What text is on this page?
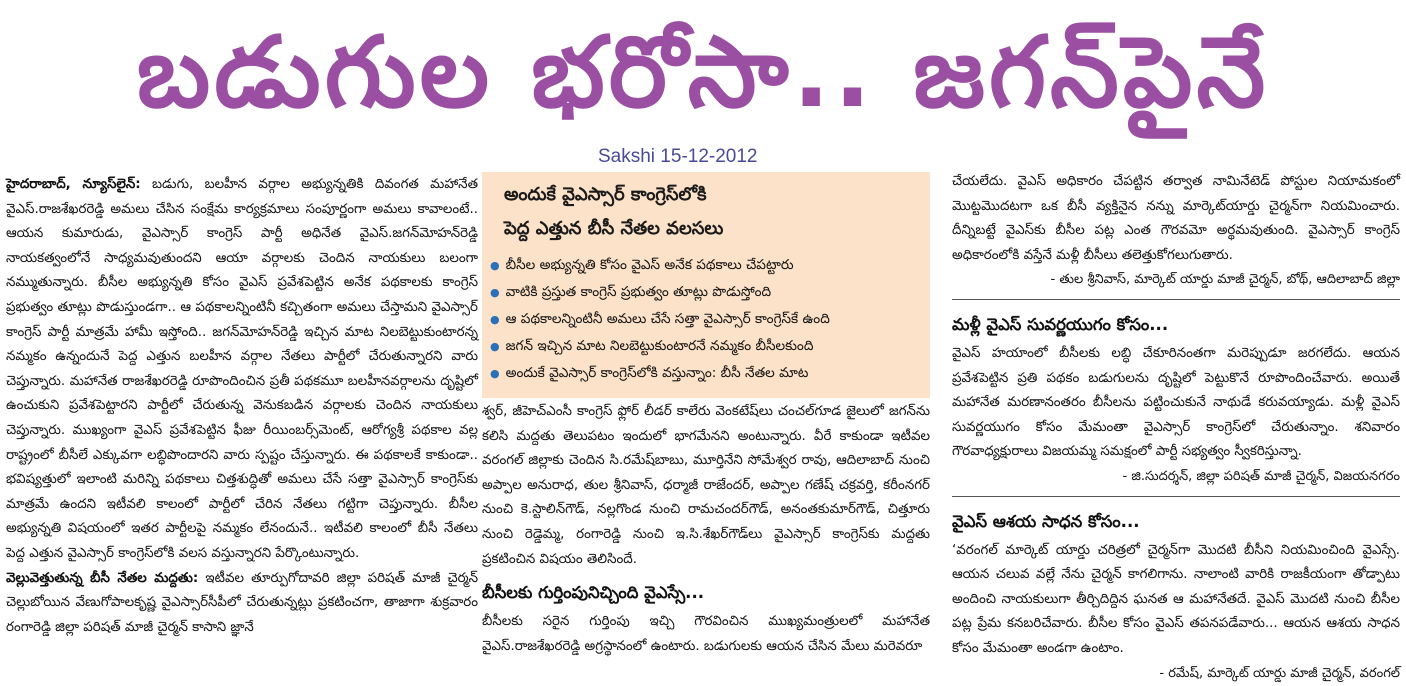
బడుగుల భరోసా.. జగన్‌పైనే
Sakshi 15-12-2012

హైదరాబాద్, న్యూస్‌లైన్: బడుగు, బలహీన వర్గాల అభ్యున్నతికి దివంగత మహానేత వైఎస్.రాజశేఖరరెడ్డి అమలు చేసిన సంక్షేమ కార్యక్రమాలు సంపూర్ణంగా అమలు కావాలంటే.. ఆయన కుమారుడు, వైఎస్సార్ కాంగ్రెస్ పార్టీ అధినేత వైఎస్.జగన్‌మోహన్‌రెడ్డి నాయకత్వంలోనే సాధ్యమవుతుందని ఆయా వర్గాలకు చెందిన నాయకులు బలంగా నమ్ముతున్నారు. బీసీల అభ్యున్నతి కోసం వైఎస్ ప్రవేశపెట్టిన అనేక పథకాలకు కాంగ్రెస్ ప్రభుత్వం తూట్లు పొడుస్తుండగా.. ఆ పథకాలన్నింటినీ కచ్చితంగా అమలు చేస్తామని వైఎస్సార్ కాంగ్రెస్ పార్టీ మాత్రమే హామీ ఇస్తోంది.. జగన్‌మోహన్‌రెడ్డి ఇచ్చిన మాట నిలబెట్టుకుంటారన్న నమ్మకం ఉన్నందునే పెద్ద ఎత్తున బలహీన వర్గాల నేతలు పార్టీలో చేరుతున్నారని వారు చెప్తున్నారు. మహానేత రాజశేఖరరెడ్డి రూపొందించిన ప్రతీ పథకమూ బలహీనవర్గాలను దృష్టిలో ఉంచుకుని ప్రవేశపెట్టారని పార్టీలో చేరుతున్న వెనుకబడిన వర్గాలకు చెందిన నాయకులు చెప్తున్నారు. ముఖ్యంగా వైఎస్ ప్రవేశపెట్టిన ఫీజు రీయింబర్స్‌మెంట్, ఆరోగ్యశ్రీ పథకాల వల్ల రాష్ట్రంలో బీసీలే ఎక్కువగా లబ్ధిపొందారని వారు స్పష్టం చేస్తున్నారు. ఈ పథకాలకే కాకుండా.. భవిష్యత్తులో ఇలాంటి మరిన్ని పథకాలు చిత్తశుద్ధితో అమలు చేసే సత్తా వైఎస్సార్ కాంగ్రెస్‌కు మాత్రమే ఉందని ఇటీవలి కాలంలో పార్టీలో చేరిన నేతలు గట్టిగా చెప్తున్నారు. బీసీల అభ్యున్నతి విషయంలో ఇతర పార్టీలపై నమ్మకం లేనందునే.. ఇటీవలి కాలంలో బీసీ నేతలు పెద్ద ఎత్తున వైఎస్సార్ కాంగ్రెస్‌లోకి వలస వస్తున్నారని పేర్కొంటున్నారు.

వెల్లువెత్తుతున్న బీసీ నేతల మద్దతు: ఇటీవల తూర్పుగోదావరి జిల్లా పరిషత్ మాజీ చైర్మన్ చెల్లుబోయిన వేణుగోపాలకృష్ణ వైఎస్సార్‌సీపీలో చేరుతున్నట్లు ప్రకటించగా, తాజాగా శుక్రవారం రంగారెడ్డి జిల్లా పరిషత్ మాజీ చైర్మన్ కాసాని జ్ఞానే

అందుకే వైఎస్సార్ కాంగ్రెస్‌లోకి
పెద్ద ఎత్తున బీసీ నేతల వలసలు
● బీసీల అభ్యున్నతి కోసం వైఎస్ అనేక పథకాలు చేపట్టారు
● వాటికి ప్రస్తుత కాంగ్రెస్ ప్రభుత్వం తూట్లు పొడుస్తోంది
● ఆ పథకాలన్నింటినీ అమలు చేసే సత్తా వైఎస్సార్ కాంగ్రెస్‌కే ఉంది
● జగన్ ఇచ్చిన మాట నిలబెట్టుకుంటారనే నమ్మకం బీసీలకుంది
● అందుకే వైఎస్సార్ కాంగ్రెస్‌లోకి వస్తున్నాం: బీసీ నేతల మాట

శ్వర్, జీహెచ్‌ఎంసీ కాంగ్రెస్ ఫ్లోర్ లీడర్ కాలేరు వెంకటేష్‌లు చంచల్‌గూడ జైలులో జగన్‌ను కలిసి మద్దతు తెలుపటం ఇందులో భాగమేనని అంటున్నారు. వీరే కాకుండా ఇటీవల వరంగల్ జిల్లాకు చెందిన సి.రమేష్‌బాబు, మూర్తినేని సోమేశ్వర రావు, ఆదిలాబాద్ నుంచి అప్పాల అనురాధ, తుల శ్రీనివాస్, ధర్మాజీ రాజేందర్, అప్పాల గణేష్ చక్రవర్తి, కరీంనగర్ నుంచి కె.స్టాలిన్‌గౌడ్, నల్లగొండ నుంచి రామచందర్‌గౌడ్, అనంతకుమార్‌గౌడ్, చిత్తూరు నుంచి రెడ్డెమ్మ, రంగారెడ్డి నుంచి ఇ.సి.శేఖర్‌గౌడ్‌లు వైఎస్సార్ కాంగ్రెస్‌కు మద్దతు ప్రకటించిన విషయం తెలిసిందే.

బీసీలకు గుర్తింపునిచ్చింది వైఎస్సే...

బీసీలకు సరైన గుర్తింపు ఇచ్చి గౌరవించిన ముఖ్యమంత్రులలో మహానేత వైఎస్.రాజశేఖరరెడ్డి అగ్రస్థానంలో ఉంటారు. బడుగులకు ఆయన చేసిన మేలు మరెవరూ

చేయలేదు. వైఎస్ అధికారం చేపట్టిన తర్వాత నామినేటెడ్ పోస్టుల నియామకంలో మొట్టమొదటగా ఒక బీసీ వ్యక్తినైన నన్ను మార్కెట్‌యార్డు చైర్మన్‌గా నియమించారు. దీన్నిబట్టే వైఎస్‌కు బీసీల పట్ల ఎంత గౌరవమో అర్థమవుతుంది. వైఎస్సార్ కాంగ్రెస్ అధికారంలోకి వస్తేనే మళ్లీ బీసీలు తలెత్తుకోగలుగుతారు.

- తుల శ్రీనివాస్, మార్కెట్ యార్డు మాజీ చైర్మన్, బోథ్, ఆదిలాబాద్ జిల్లా

మళ్లీ వైఎస్ సువర్ణయుగం కోసం...

వైఎస్ హయాంలో బీసీలకు లబ్ధి చేకూరినంతగా మరెప్పుడూ జరగలేదు. ఆయన ప్రవేశపెట్టిన ప్రతి పథకం బడుగులను దృష్టిలో పెట్టుకొనే రూపొందించేవారు. అయితే మహానేత మరణానంతరం బీసీలను పట్టించుకునే నాథుడే కరువయ్యాడు. మళ్లీ వైఎస్ సువర్ణయుగం కోసం మేమంతా వైఎస్సార్ కాంగ్రెస్‌లో చేరుతున్నాం. శనివారం గౌరవాధ్యక్షురాలు విజయమ్మ సమక్షంలో పార్టీ సభ్యత్వం స్వీకరిస్తున్నా.

- జి.సుదర్శన్, జిల్లా పరిషత్ మాజీ చైర్మన్, విజయనగరం

వైఎస్ ఆశయ సాధన కోసం...

‘వరంగల్ మార్కెట్ యార్డు చరిత్రలో చైర్మన్‌గా మొదటి బీసీని నియమించింది వైఎస్సే. ఆయన చలువ వల్లే నేను చైర్మన్ కాగలిగాను. నాలాంటి వారికి రాజకీయంగా తోడ్పాటు అందించి నాయకులుగా తీర్చిదిద్దిన ఘనత ఆ మహానేతదే. వైఎస్ మొదటి నుంచి బీసీల పట్ల ప్రేమ కనబరిచేవారు. బీసీల కోసం వైఎస్ తపనపడేవారు... ఆయన ఆశయ సాధన కోసం మేమంతా అండగా ఉంటాం.

- రమేష్, మార్కెట్ యార్డు మాజీ చైర్మన్, వరంగల్
